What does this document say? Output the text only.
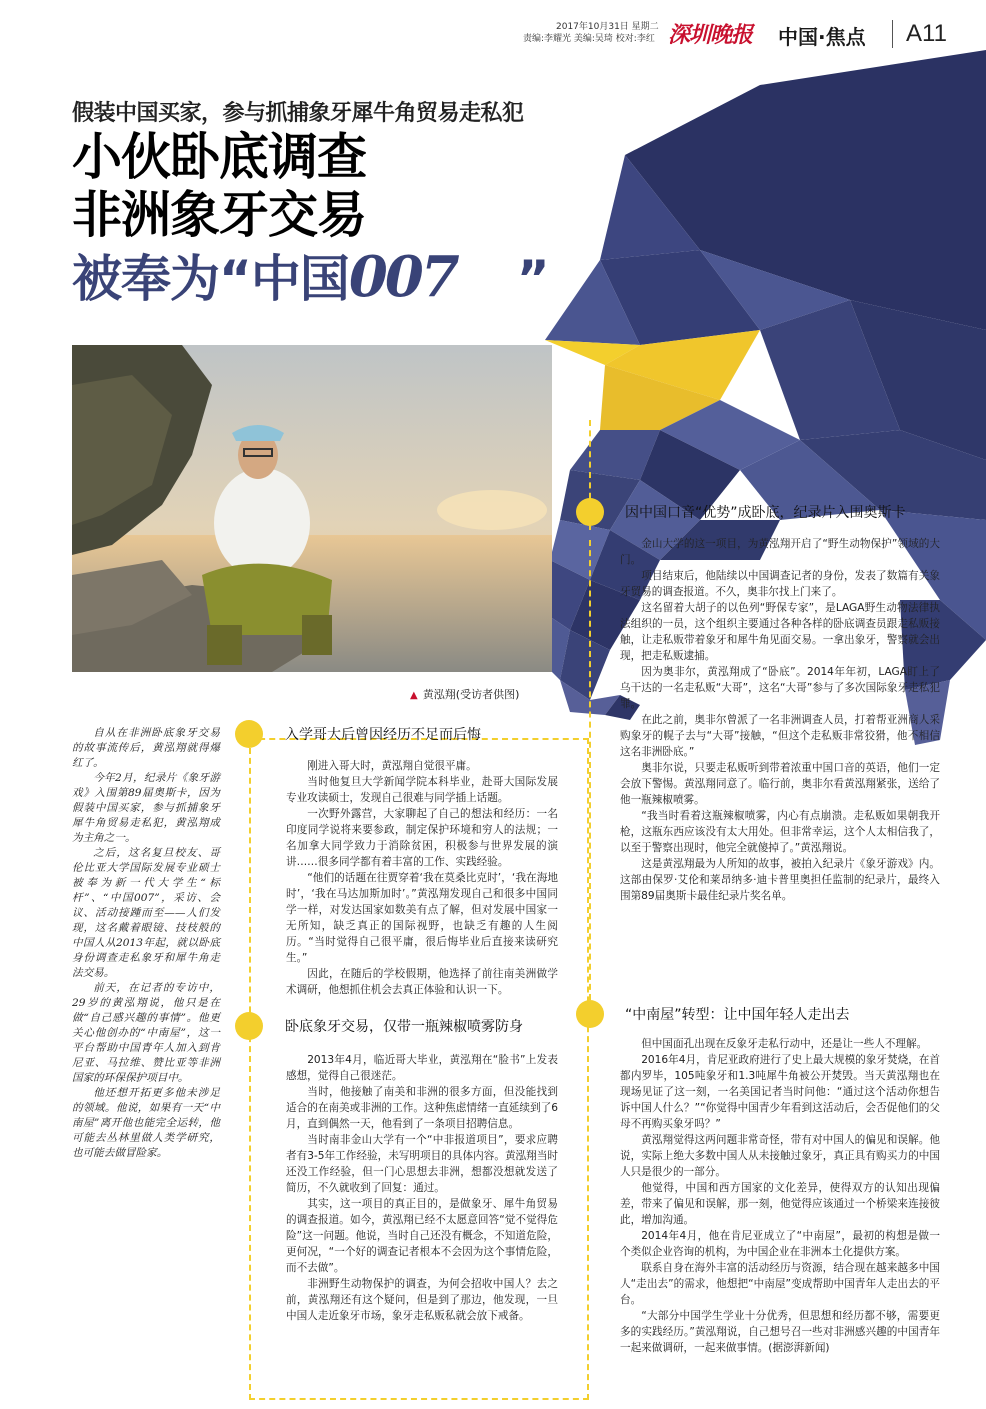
2017年10月31日 星期二
责编:李耀光 美编:吴琦 校对:李红 深圳晚报 中国·焦点 A11
假装中国买家，参与抓捕象牙犀牛角贸易走私犯
小伙卧底调查
非洲象牙交易
被奉为“中国007 ”
▲ 黄泓翔(受访者供图)

自从在非洲卧底象牙交易的故事流传后，黄泓翔就得爆红了。

今年2月，纪录片《象牙游戏》入围第89届奥斯卡，因为假装中国买家，参与抓捕象牙犀牛角贸易走私犯，黄泓翔成为主角之一。

之后，这名复旦校友、哥伦比亚大学国际发展专业硕士被奉为新一代大学生“标杆”、“中国007”，采访、会议、活动接踵而至——人们发现，这名戴着眼镜、技枝般的中国人从2013年起，就以卧底身份调查走私象牙和犀牛角走法交易。

前天，在记者的专访中，29岁的黄泓翔说，他只是在做“自己感兴趣的事情”。他更关心他创办的“中南屋”，这一平台帮助中国青年人加入到肯尼亚、马拉维、赞比亚等非洲国家的环保保护项目中。

他还想开拓更多他未涉足的领域。他说，如果有一天“中南屋”离开他也能完全运转，他可能去丛林里做人类学研究，也可能去做冒险家。

入学哥大后曾因经历不足而后悔

刚进入哥大时，黄泓翔自觉很平庸。

当时他复旦大学新闻学院本科毕业，赴哥大国际发展专业攻读硕士，发现自己很难与同学插上话题。

一次野外露营，大家聊起了自己的想法和经历：一名印度同学说将来要参政，制定保护环境和穷人的法规；一名加拿大同学致力于消除贫困，积极参与世界发展的演讲……很多同学都有着丰富的工作、实践经验。

“他们的话题在往贾穿着‘我在莫桑比克时’，‘我在海地时’，‘我在马达加斯加时’。”黄泓翔发现自己和很多中国同学一样，对发达国家如数美有点了解，但对发展中国家一无所知，缺乏真正的国际视野，也缺乏有趣的人生阅历。“当时觉得自己很平庸，很后悔毕业后直接来读研究生。”

因此，在随后的学校假期，他选择了前往南美洲做学术调研，他想抓住机会去真正体验和认识一下。

卧底象牙交易，仅带一瓶辣椒喷雾防身

2013年4月，临近哥大毕业，黄泓翔在“脸书”上发表感想，觉得自己很迷茫。

当时，他接触了南美和非洲的很多方面，但没能找到适合的在南美或非洲的工作。这种焦虑情绪一直延续到了6月，直到偶然一天，他看到了一条项目招聘信息。

当时南非金山大学有一个“中非报道项目”，要求应聘者有3-5年工作经验，未写明项目的具体内容。黄泓翔当时还没工作经验，但一门心思想去非洲，想都没想就发送了简历，不久就收到了回复：通过。

其实，这一项目的真正目的，是做象牙、犀牛角贸易的调查报道。如今，黄泓翔已经不太愿意回答“觉不觉得危险”这一问题。他说，当时自己还没有概念，不知道危险，更何况，“一个好的调查记者根本不会因为这个事情危险，而不去做”。

非洲野生动物保护的调查，为何会招收中国人？去之前，黄泓翔还有这个疑问，但是到了那边，他发现，一旦中国人走近象牙市场，象牙走私贩私就会放下戒备。

因中国口音“优势”成卧底，纪录片入围奥斯卡

金山大学的这一项目，为黄泓翔开启了“野生动物保护”领域的大门。

项目结束后，他陆续以中国调查记者的身份，发表了数篇有关象牙贸易的调查报道。不久，奥非尔找上门来了。

这名留着大胡子的以色列“野保专家”，是LAGA野生动物法律执法组织的一员，这个组织主要通过各种各样的卧底调查员跟走私贩接触，让走私贩带着象牙和犀牛角见面交易。一拿出象牙，警察就会出现，把走私贩逮捕。

因为奥非尔，黄泓翔成了“卧底”。2014年年初，LAGA盯上了乌干达的一名走私贩“大哥”，这名“大哥”参与了多次国际象牙走私犯罪。

在此之前，奥非尔曾派了一名非洲调查人员，打着帮亚洲商人采购象牙的幌子去与“大哥”接触，“但这个走私贩非常狡猾，他不相信这名非洲卧底。”

奥非尔说，只要走私贩听到带着浓重中国口音的英语，他们一定会放下警惕。黄泓翔同意了。临行前，奥非尔看黄泓翔紧张，送给了他一瓶辣椒喷雾。

“我当时看着这瓶辣椒喷雾，内心有点崩溃。走私贩如果朝我开枪，这瓶东西应该没有太大用处。但非常幸运，这个人太相信我了，以至于警察出现时，他完全就傻掉了。”黄泓翔说。

这是黄泓翔最为人所知的故事，被拍入纪录片《象牙游戏》内。这部由保罗·艾伦和莱昂纳多·迪卡普里奥担任监制的纪录片，最终入围第89届奥斯卡最佳纪录片奖名单。

“中南屋”转型：让中国年轻人走出去

但中国面孔出现在反象牙走私行动中，还是让一些人不理解。

2016年4月，肯尼亚政府进行了史上最大规模的象牙焚烧，在首都内罗毕，105吨象牙和1.3吨犀牛角被公开焚毁。当天黄泓翔也在现场见证了这一刻，一名美国记者当时问他：“通过这个活动你想告诉中国人什么？”“你觉得中国青少年看到这活动后，会否促他们的父母不再购买象牙吗？”

黄泓翔觉得这两问题非常奇怪，带有对中国人的偏见和误解。他说，实际上绝大多数中国人从未接触过象牙，真正具有购买力的中国人只是很少的一部分。

他觉得，中国和西方国家的文化差异，使得双方的认知出现偏差，带来了偏见和误解，那一刻，他觉得应该通过一个桥梁来连接彼此，增加沟通。

2014年4月，他在肯尼亚成立了“中南屋”，最初的构想是做一个类似企业咨询的机构，为中国企业在非洲本土化提供方案。

联系自身在海外丰富的活动经历与资源，结合现在越来越多中国人“走出去”的需求，他想把“中南屋”变成帮助中国青年人走出去的平台。

“大部分中国学生学业十分优秀，但思想和经历都不够，需要更多的实践经历。”黄泓翔说，自己想号召一些对非洲感兴趣的中国青年一起来做调研，一起来做事情。(据澎湃新闻)
